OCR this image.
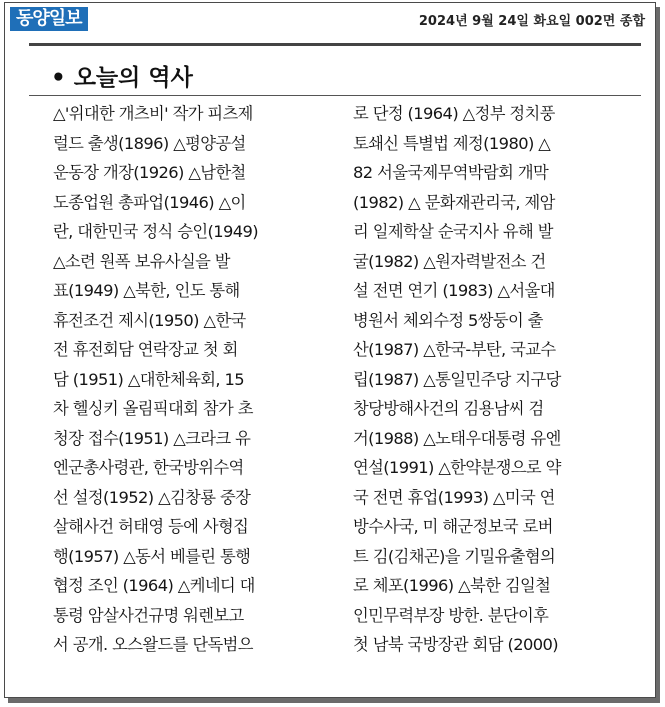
동양일보	2024년 9월 24일 화요일 002면 종합
• 오늘의 역사
△'위대한 개츠비' 작가 피츠제
럴드 출생(1896) △평양공설
운동장 개장(1926) △남한철
도종업원 총파업(1946) △이
란, 대한민국 정식 승인(1949)
△소련 원폭 보유사실을 발
표(1949) △북한, 인도 통해
휴전조건 제시(1950) △한국
전 휴전회담 연락장교 첫 회
담 (1951) △대한체육회, 15
차 헬싱키 올림픽대회 참가 초
청장 접수(1951) △크라크 유
엔군총사령관, 한국방위수역
선 설정(1952) △김창룡 중장
살해사건 허태영 등에 사형집
행(1957) △동서 베를린 통행
협정 조인 (1964) △케네디 대
통령 암살사건규명 워렌보고
서 공개. 오스왈드를 단독범으
로 단정 (1964) △정부 정치풍
토쇄신 특별법 제정(1980) △
82 서울국제무역박람회 개막
(1982) △ 문화재관리국, 제암
리 일제학살 순국지사 유해 발
굴(1982) △원자력발전소 건
설 전면 연기 (1983) △서울대
병원서 체외수정 5쌍둥이 출
산(1987) △한국-부탄, 국교수
립(1987) △통일민주당 지구당
창당방해사건의 김용남씨 검
거(1988) △노태우대통령 유엔
연설(1991) △한약분쟁으로 약
국 전면 휴업(1993) △미국 연
방수사국, 미 해군정보국 로버
트 김(김채곤)을 기밀유출혐의
로 체포(1996) △북한 김일철
인민무력부장 방한. 분단이후
첫 남북 국방장관 회담 (2000)
